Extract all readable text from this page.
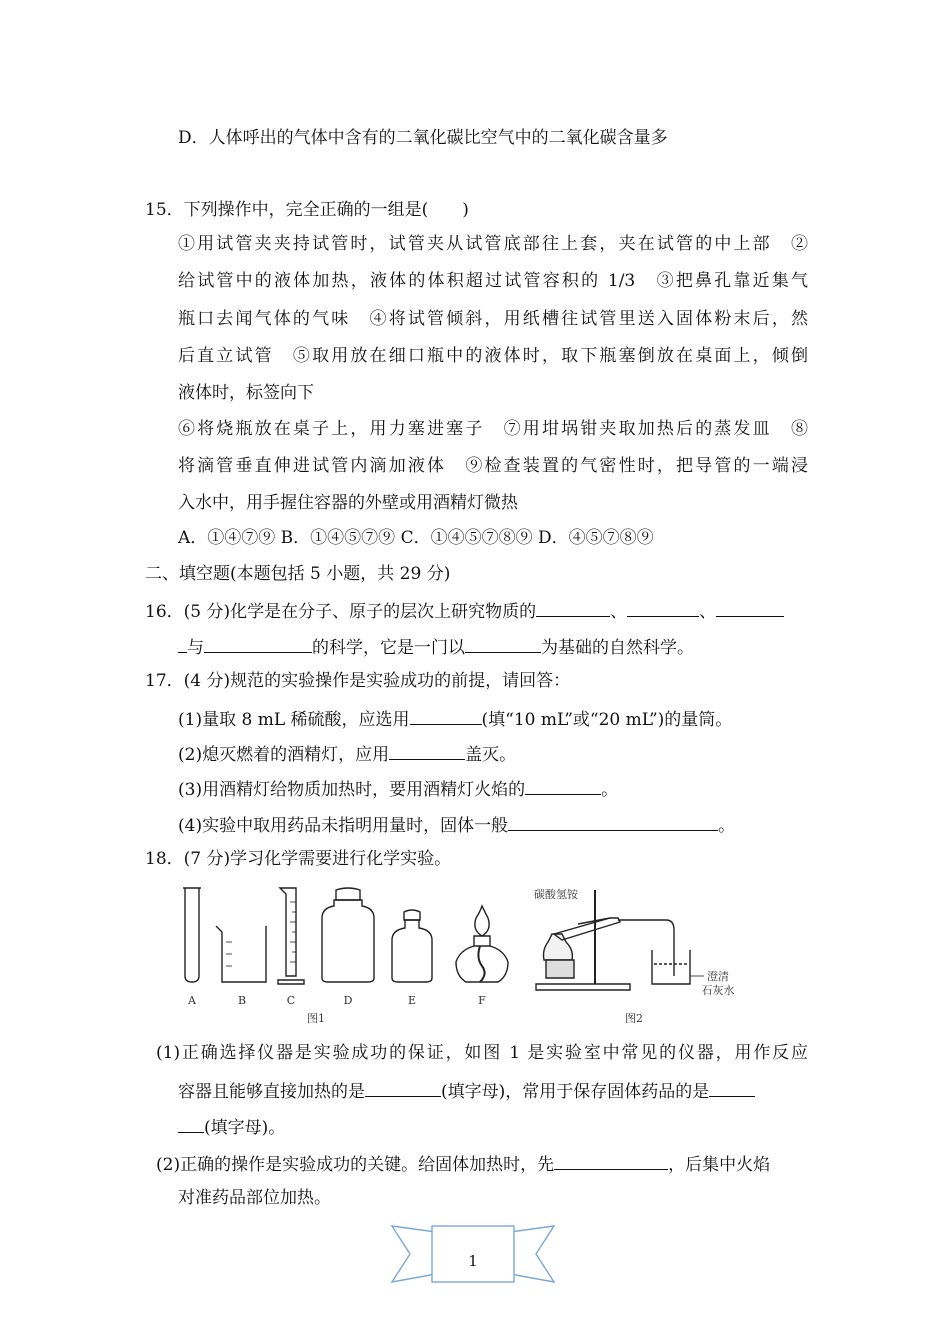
D．人体呼出的气体中含有的二氧化碳比空气中的二氧化碳含量多
15．下列操作中，完全正确的一组是(　　)
①用试管夹夹持试管时，试管夹从试管底部往上套，夹在试管的中上部　②
给试管中的液体加热，液体的体积超过试管容积的 1/3　③把鼻孔靠近集气
瓶口去闻气体的气味　④将试管倾斜，用纸槽往试管里送入固体粉末后，然
后直立试管　⑤取用放在细口瓶中的液体时，取下瓶塞倒放在桌面上，倾倒
液体时，标签向下
⑥将烧瓶放在桌子上，用力塞进塞子　⑦用坩埚钳夹取加热后的蒸发皿　⑧
将滴管垂直伸进试管内滴加液体　⑨检查装置的气密性时，把导管的一端浸
入水中，用手握住容器的外壁或用酒精灯微热
A．①④⑦⑨ B．①④⑤⑦⑨ C．①④⑤⑦⑧⑨ D．④⑤⑦⑧⑨
二、填空题(本题包括 5 小题，共 29 分)
16．(5 分)化学是在分子、原子的层次上研究物质的	、	、
与	的科学，它是一门以	为基础的自然科学。
17．(4 分)规范的实验操作是实验成功的前提，请回答：
(1)量取 8 mL 稀硫酸，应选用	(填“10 mL”或“20 mL”)的量筒。
(2)熄灭燃着的酒精灯，应用	盖灭。
(3)用酒精灯给物质加热时，要用酒精灯火焰的	。
(4)实验中取用药品未指明用量时，固体一般	。
18．(7 分)学习化学需要进行化学实验。
A	B	C	D	E	F
图1	图2
碳酸氢铵
澄清
石灰水
(1)正确选择仪器是实验成功的保证，如图 1 是实验室中常见的仪器，用作反应
容器且能够直接加热的是	(填字母)，常用于保存固体药品的是
(填字母)。
(2)正确的操作是实验成功的关键。给固体加热时，先	，后集中火焰
对准药品部位加热。
1
